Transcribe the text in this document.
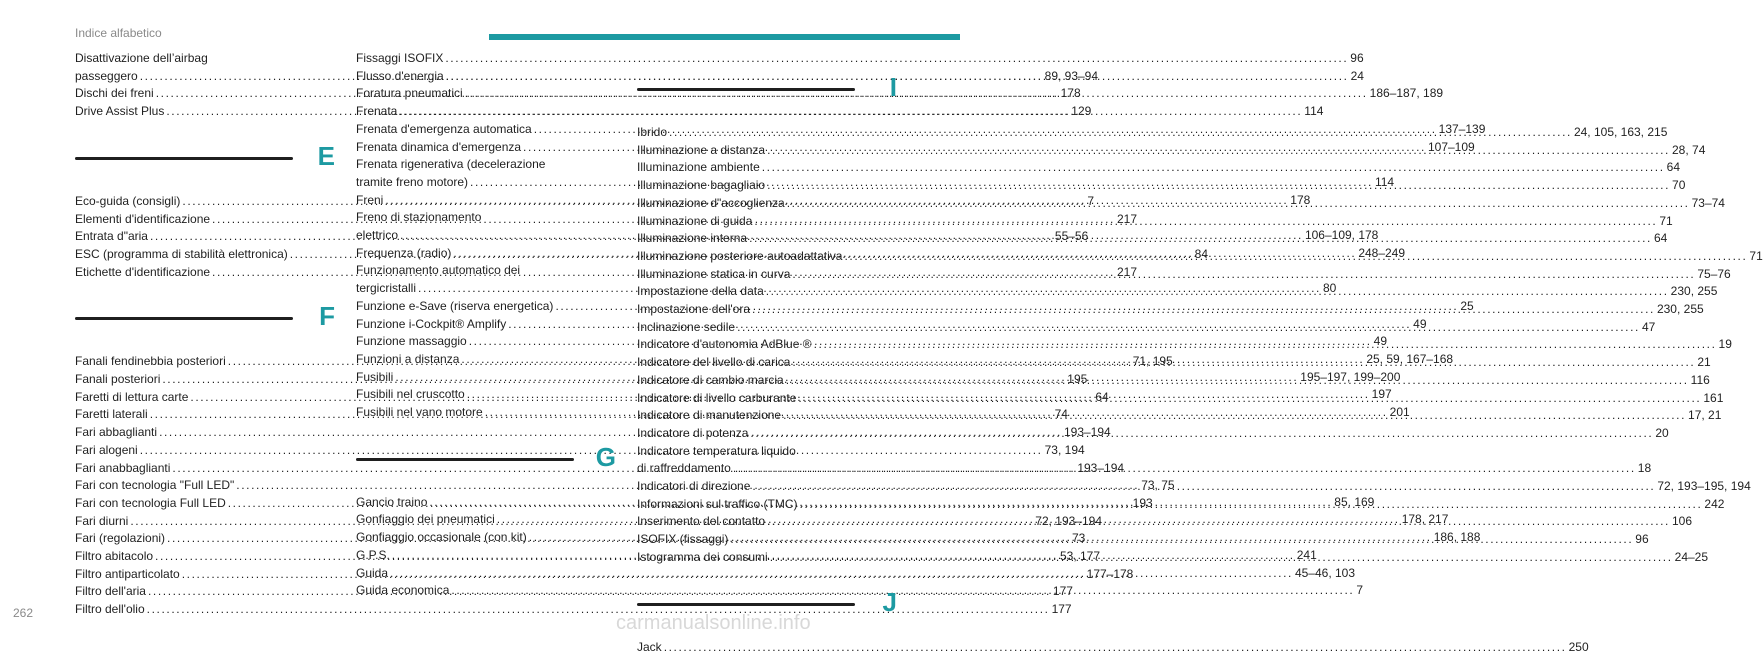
Indice alfabetico
Disattivazione dell’airbag
passeggero .....	89, 93–94
Dischi dei freni .....	178
Drive Assist Plus .....	129
E
Eco-guida (consigli) .....	7
Elementi d'identificazione .....	217
Entrata d"aria .....	55–56
ESC (programma di stabilità elettronica) .....	84
Etichette d'identificazione .....	217
F
Fanali fendinebbia posteriori .....	71, 195
Fanali posteriori .....	195
Faretti di lettura carte .....	64
Faretti laterali .....	74
Fari abbaglianti .....	193–194
Fari alogeni .....	73, 194
Fari anabbaglianti .....	193–194
Fari con tecnologia "Full LED" .....	73, 75
Fari con tecnologia Full LED .....	193
Fari diurni .....	72, 193–194
Fari (regolazioni) .....	73
Filtro abitacolo .....	53, 177
Filtro antiparticolato .....	177–178
Filtro dell'aria .....	177
Filtro dell'olio .....	177
Fissaggi ISOFIX .....	96
Flusso d'energia .....	24
Foratura pneumatici .....	186–187, 189
Frenata .....	114
Frenata d'emergenza automatica .....	137–139
Frenata dinamica d'emergenza .....	107–109
Frenata rigenerativa (decelerazione
tramite freno motore) .....	114
Freni .....	178
Freno di stazionamento
elettrico .....	106–109, 178
Frequenza (radio) .....	248–249
Funzionamento automatico dei
tergicristalli .....	80
Funzione e-Save (riserva energetica) .....	25
Funzione i-Cockpit® Amplify .....	49
Funzione massaggio .....	49
Funzioni a distanza .....	25, 59, 167–168
Fusibili .....	195–197, 199–200
Fusibili nel cruscotto .....	197
Fusibili nel vano motore .....	201
G
Gancio traino .....	85, 169
Gonfiaggio dei pneumatici .....	178, 217
Gonfiaggio occasionale (con kit) .....	186, 188
G.P.S. .....	241
Guida .....	45–46, 103
Guida economica .....	7
I
Ibrido .....	24, 105, 163, 215
Illuminazione a distanza .....	28, 74
Illuminazione ambiente .....	64
Illuminazione bagagliaio .....	70
Illuminazione d"accoglienza .....	73–74
Illuminazione di guida .....	71
Illuminazione interna .....	64
Illuminazione posteriore autoadattativa .....	71
Illuminazione statica in curva .....	75–76
Impostazione della data .....	230, 255
Impostazione dell'ora .....	230, 255
Inclinazione sedile .....	47
Indicatore d'autonomia AdBlue ® .....	19
Indicatore del livello di carica .....	21
Indicatore di cambio marcia .....	116
Indicatore di livello carburante .....	161
Indicatore di manutenzione .....	17, 21
Indicatore di potenza .....	20
Indicatore temperatura liquido
di raffreddamento .....	18
Indicatori di direzione .....	72, 193–195, 194
Informazioni sul traffico (TMC) .....	242
Inserimento del contatto .....	106
ISOFIX (fissaggi) .....	96
Istogramma dei consumi .....	24–25
J
Jack .....	250
262	carmanualsonline.info
